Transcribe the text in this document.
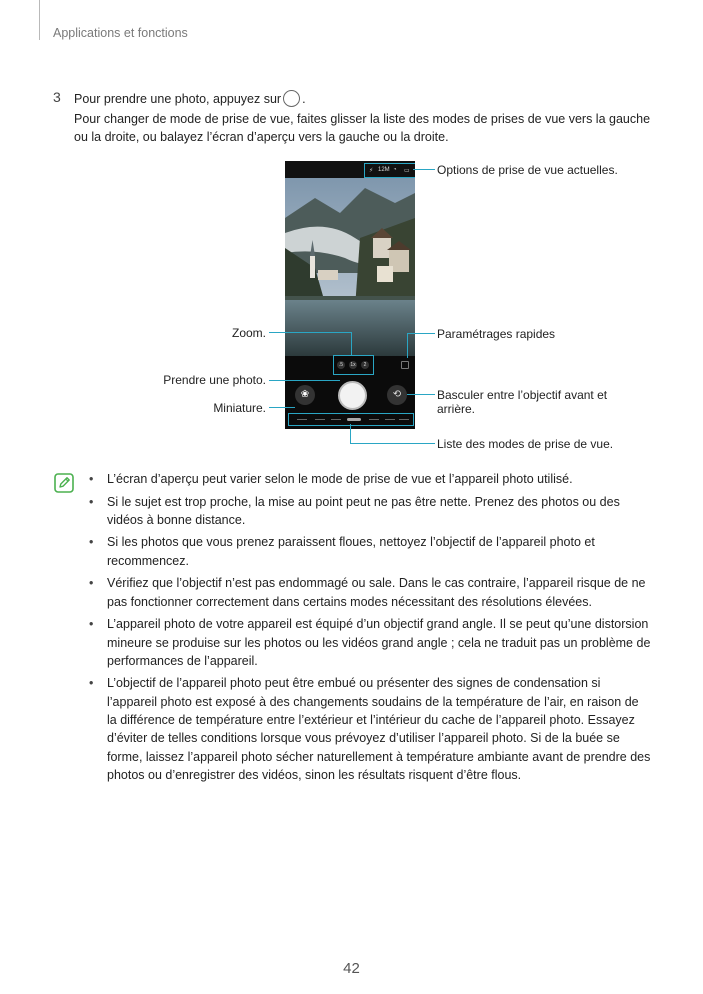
Applications et fonctions
3 Pour prendre une photo, appuyez sur .
Pour changer de mode de prise de vue, faites glisser la liste des modes de prises de vue vers la gauche ou la droite, ou balayez l’écran d’aperçu vers la gauche ou la droite.
⚡ 12M ◔ ▭
.5	1x	2
❀	⟲
Options de prise de vue actuelles.
Zoom.	Paramétrages rapides
Prendre une photo.
Basculer entre l’objectif avant et arrière.
Miniature.
Liste des modes de prise de vue.
• L’écran d’aperçu peut varier selon le mode de prise de vue et l’appareil photo utilisé.
• Si le sujet est trop proche, la mise au point peut ne pas être nette. Prenez des photos ou des vidéos à bonne distance.
• Si les photos que vous prenez paraissent floues, nettoyez l’objectif de l’appareil photo et recommencez.
• Vérifiez que l’objectif n’est pas endommagé ou sale. Dans le cas contraire, l’appareil risque de ne pas fonctionner correctement dans certains modes nécessitant des résolutions élevées.
• L’appareil photo de votre appareil est équipé d’un objectif grand angle. Il se peut qu’une distorsion mineure se produise sur les photos ou les vidéos grand angle ; cela ne traduit pas un problème de performances de l’appareil.
• L’objectif de l’appareil photo peut être embué ou présenter des signes de condensation si l’appareil photo est exposé à des changements soudains de la température de l’air, en raison de la différence de température entre l’extérieur et l’intérieur du cache de l’appareil photo. Essayez d’éviter de telles conditions lorsque vous prévoyez d’utiliser l’appareil photo. Si de la buée se forme, laissez l’appareil photo sécher naturellement à température ambiante avant de prendre des photos ou d’enregistrer des vidéos, sinon les résultats risquent d’être flous.
42
